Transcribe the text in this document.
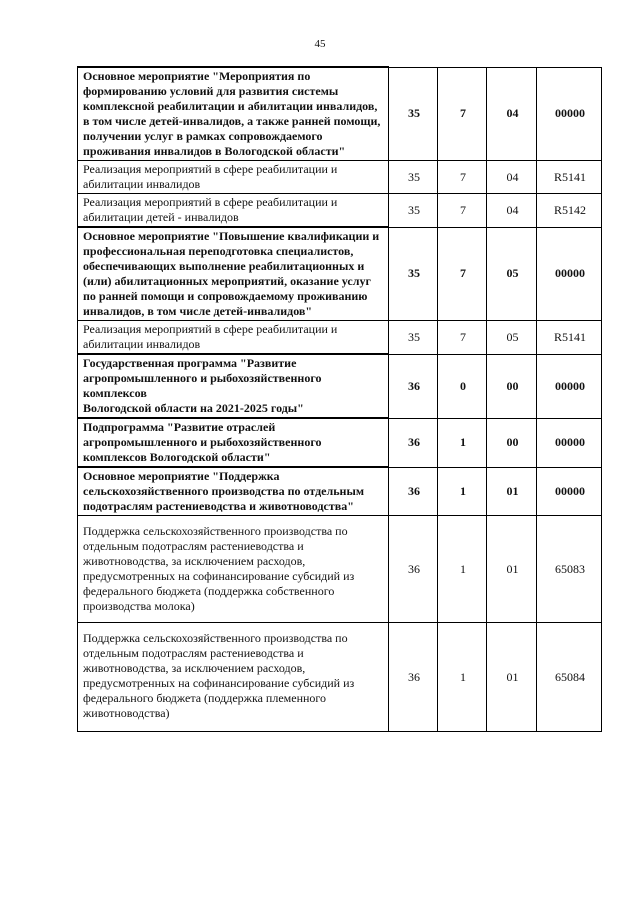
45
Основное мероприятие "Мероприятия по формированию условий для развития системы комплексной реабилитации и абилитации инвалидов, в том числе детей-инвалидов, а также ранней помощи, получении услуг в рамках сопровождаемого проживания инвалидов в Вологодской области"	35	7	04	00000
Реализация мероприятий в сфере реабилитации и абилитации инвалидов	35	7	04	R5141
Реализация мероприятий в сфере реабилитации и абилитации детей - инвалидов	35	7	04	R5142
Основное мероприятие "Повышение квалификации и профессиональная переподготовка специалистов, обеспечивающих выполнение реабилитационных и (или) абилитационных мероприятий, оказание услуг по ранней помощи и сопровождаемому проживанию инвалидов, в том числе детей-инвалидов"	35	7	05	00000
Реализация мероприятий в сфере реабилитации и абилитации инвалидов	35	7	05	R5141
Государственная программа "Развитие агропромышленного и рыбохозяйственного комплексов
Вологодской области на 2021-2025 годы"	36	0	00	00000
Подпрограмма "Развитие отраслей агропромышленного и рыбохозяйственного комплексов Вологодской области"	36	1	00	00000
Основное мероприятие "Поддержка сельскохозяйственного производства по отдельным подотраслям растениеводства и животноводства"	36	1	01	00000
Поддержка сельскохозяйственного производства по отдельным подотраслям растениеводства и животноводства, за исключением расходов, предусмотренных на софинансирование субсидий из федерального бюджета (поддержка собственного производства молока)	36	1	01	65083
Поддержка сельскохозяйственного производства по отдельным подотраслям растениеводства и животноводства, за исключением расходов, предусмотренных на софинансирование субсидий из федерального бюджета (поддержка племенного животноводства)	36	1	01	65084
